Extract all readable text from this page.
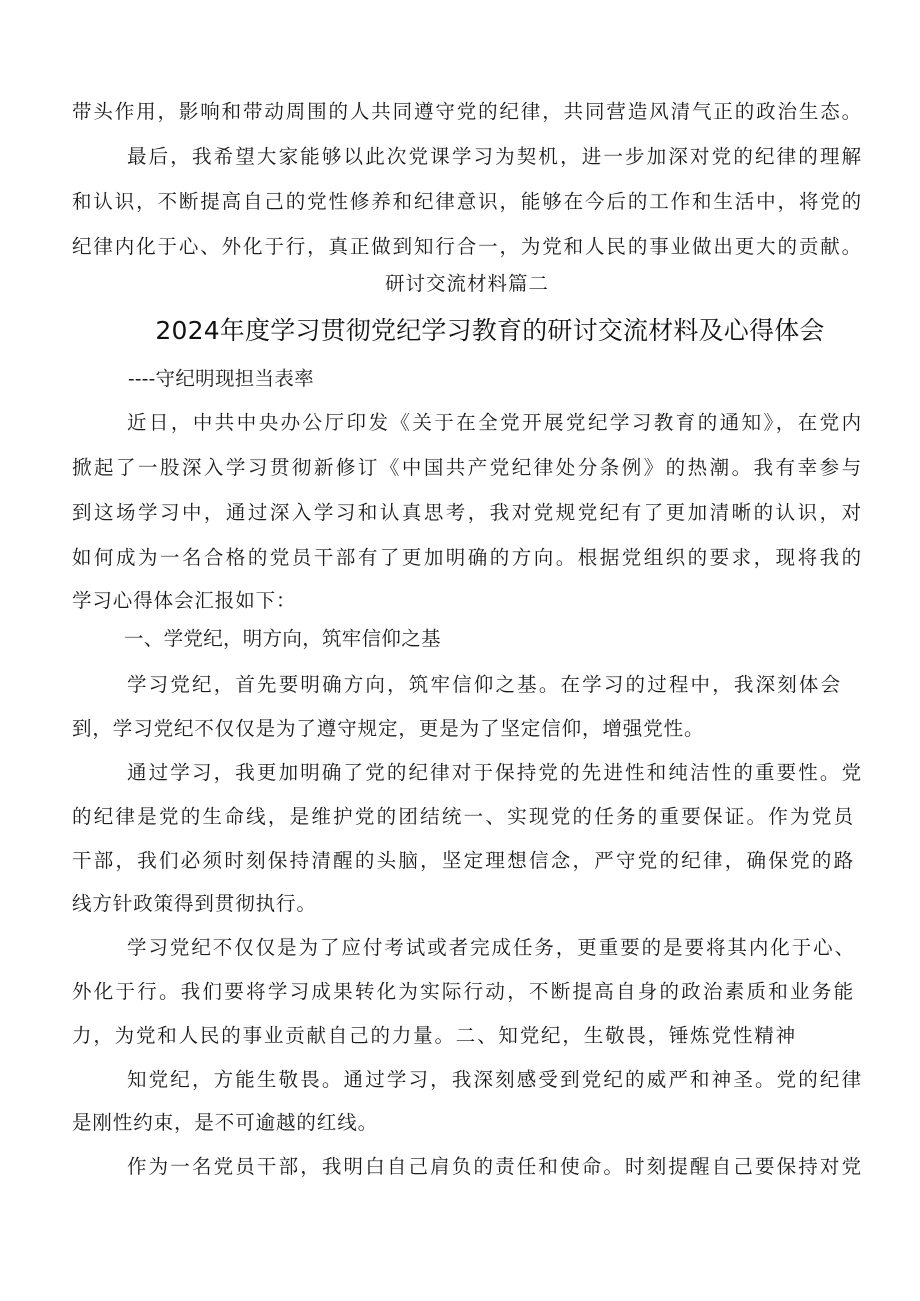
带头作用，影响和带动周围的人共同遵守党的纪律，共同营造风清气正的政治生态。
最后，我希望大家能够以此次党课学习为契机，进一步加深对党的纪律的理解
和认识，不断提高自己的党性修养和纪律意识，能够在今后的工作和生活中，将党的
纪律内化于心、外化于行，真正做到知行合一，为党和人民的事业做出更大的贡献。
研讨交流材料篇二
2024年度学习贯彻党纪学习教育的研讨交流材料及心得体会
----守纪明现担当表率
近日，中共中央办公厅印发《关于在全党开展党纪学习教育的通知》，在党内
掀起了一股深入学习贯彻新修订《中国共产党纪律处分条例》的热潮。我有幸参与
到这场学习中，通过深入学习和认真思考，我对党规党纪有了更加清晰的认识，对
如何成为一名合格的党员干部有了更加明确的方向。根据党组织的要求，现将我的
学习心得体会汇报如下：
一、学党纪，明方向，筑牢信仰之基
学习党纪，首先要明确方向，筑牢信仰之基。在学习的过程中，我深刻体会
到，学习党纪不仅仅是为了遵守规定，更是为了坚定信仰，增强党性。
通过学习，我更加明确了党的纪律对于保持党的先进性和纯洁性的重要性。党
的纪律是党的生命线，是维护党的团结统一、实现党的任务的重要保证。作为党员
干部，我们必须时刻保持清醒的头脑，坚定理想信念，严守党的纪律，确保党的路
线方针政策得到贯彻执行。
学习党纪不仅仅是为了应付考试或者完成任务，更重要的是要将其内化于心、
外化于行。我们要将学习成果转化为实际行动，不断提高自身的政治素质和业务能
力，为党和人民的事业贡献自己的力量。二、知党纪，生敬畏，锤炼党性精神
知党纪，方能生敬畏。通过学习，我深刻感受到党纪的威严和神圣。党的纪律
是刚性约束，是不可逾越的红线。
作为一名党员干部，我明白自己肩负的责任和使命。时刻提醒自己要保持对党
